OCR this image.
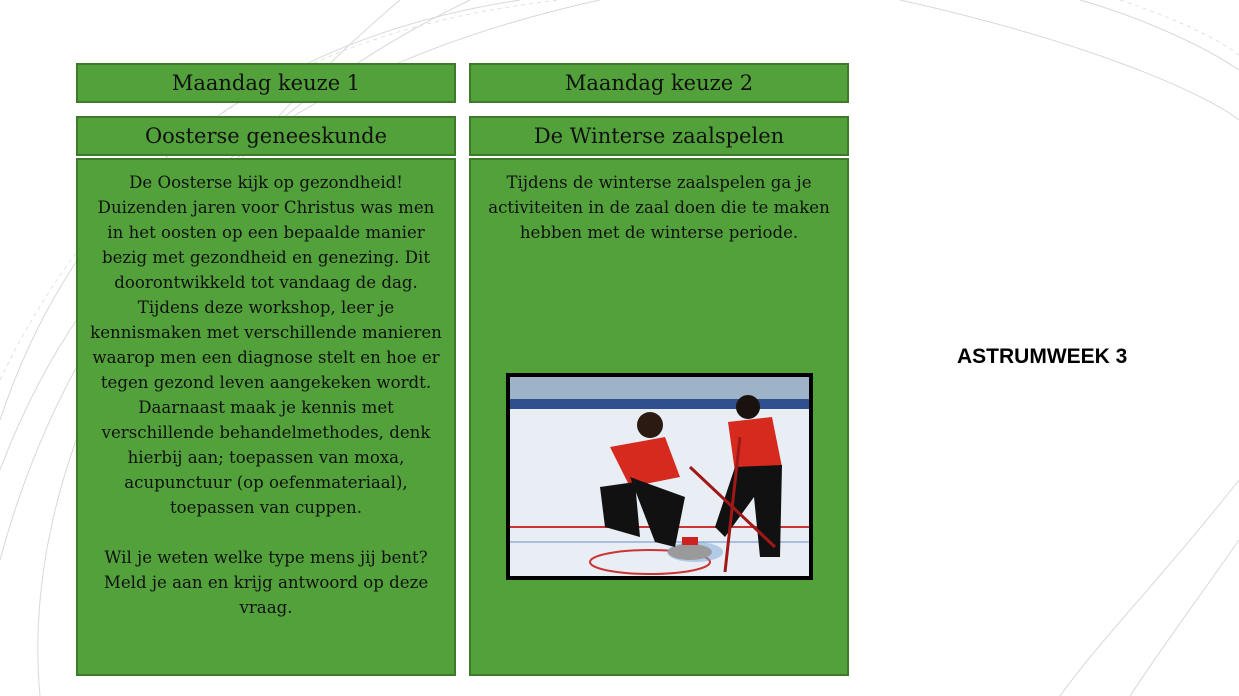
Maandag keuze 1	Maandag keuze 2
Oosterse geneeskunde	De Winterse zaalspelen
De Oosterse kijk op gezondheid! Duizenden jaren voor Christus was men in het oosten op een bepaalde manier bezig met gezondheid en genezing. Dit doorontwikkeld tot vandaag de dag. Tijdens deze workshop, leer je kennismaken met verschillende manieren waarop men een diagnose stelt en hoe er tegen gezond leven aangekeken wordt. Daarnaast maak je kennis met verschillende behandelmethodes, denk hierbij aan; toepassen van moxa, acupunctuur (op oefenmateriaal), toepassen van cuppen.

Wil je weten welke type mens jij bent? Meld je aan en krijg antwoord op deze vraag.
Tijdens de winterse zaalspelen ga je activiteiten in de zaal doen die te maken hebben met de winterse periode.
ASTRUMWEEK 3
